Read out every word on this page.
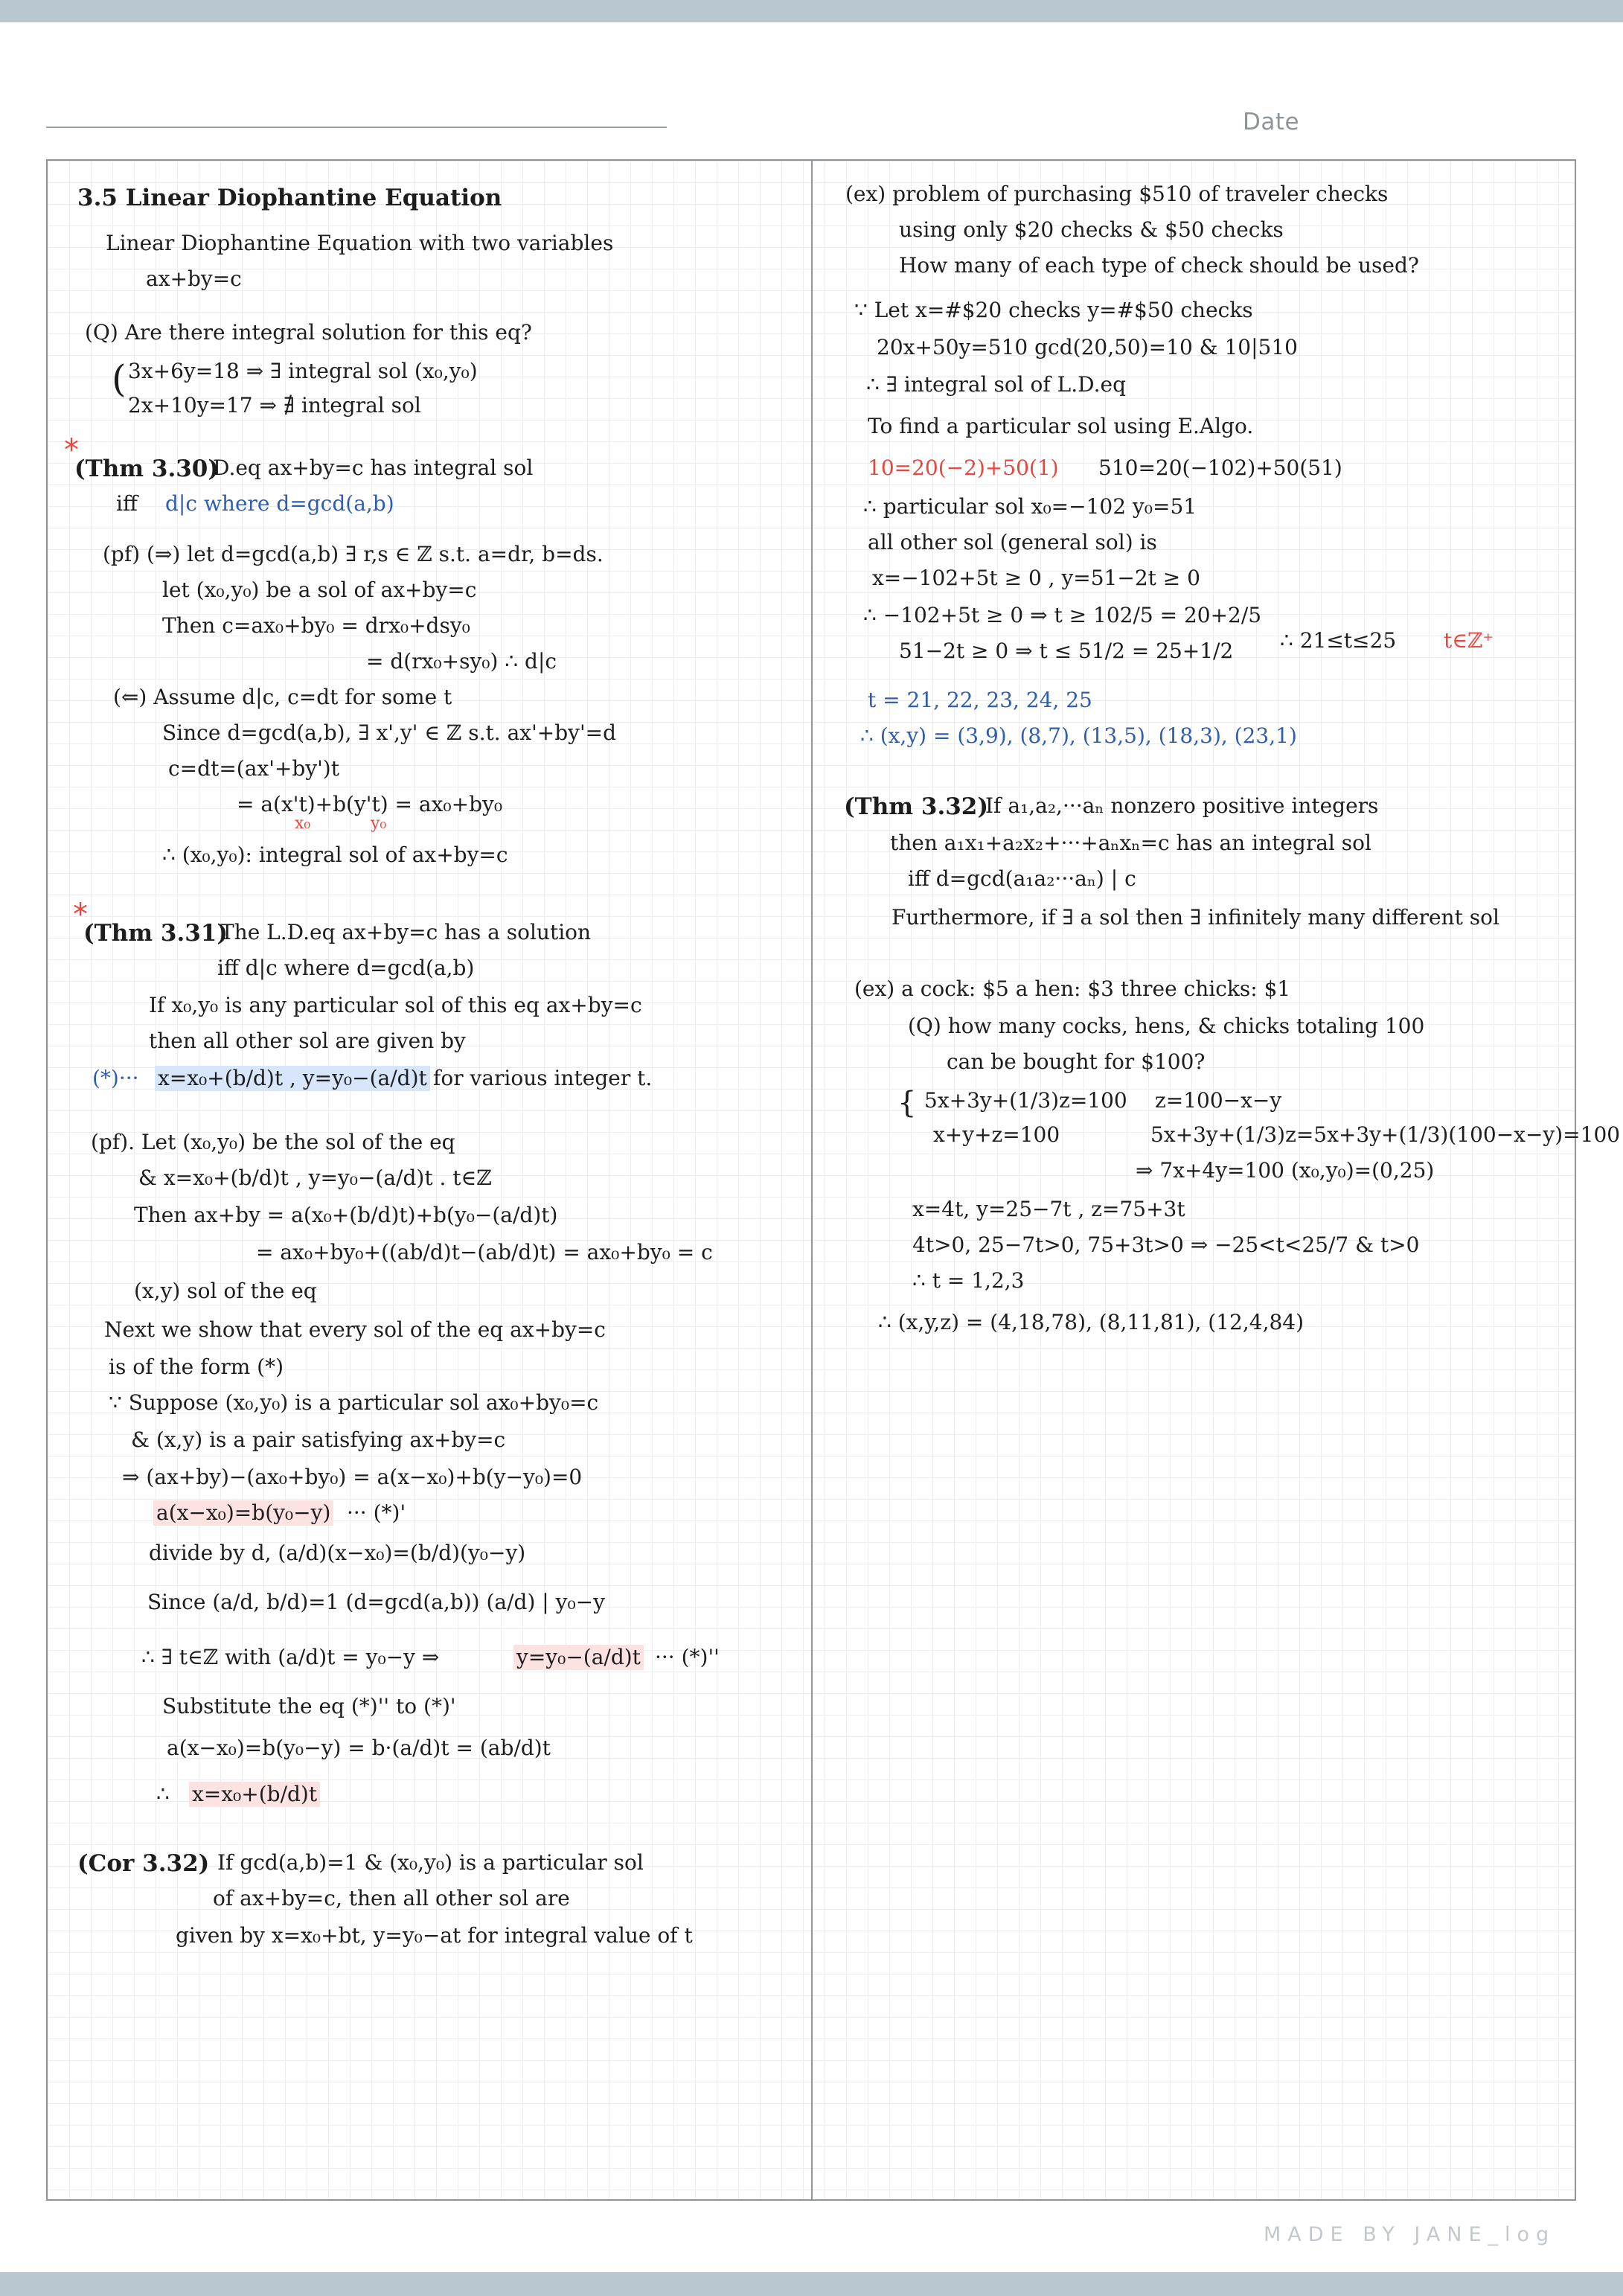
Date
3.5 Linear Diophantine Equation
Linear Diophantine Equation with two variables
ax+by=c
(Q) Are there integral solution for this eq?
( 3x+6y=18 ⇒ ∃ integral sol (x₀,y₀)
2x+10y=17 ⇒ ∄ integral sol
*
(Thm 3.30)
D.eq ax+by=c has integral sol
iff d|c where d=gcd(a,b)
(pf) (⇒) let d=gcd(a,b) ∃ r,s ∈ ℤ s.t. a=dr, b=ds.
let (x₀,y₀) be a sol of ax+by=c
Then c=ax₀+by₀ = drx₀+dsy₀
= d(rx₀+sy₀) ∴ d|c
(⇐) Assume d|c, c=dt for some t
Since d=gcd(a,b), ∃ x',y' ∈ ℤ s.t. ax'+by'=d
c=dt=(ax'+by')t
= a(x't)+b(y't) = ax₀+by₀
x₀	y₀
∴ (x₀,y₀): integral sol of ax+by=c
*
(Thm 3.31)
The L.D.eq ax+by=c has a solution
iff d|c where d=gcd(a,b)
If x₀,y₀ is any particular sol of this eq ax+by=c
then all other sol are given by
(*)··· x=x₀+(b/d)t , y=y₀−(a/d)t for various integer t.
(pf). Let (x₀,y₀) be the sol of the eq
& x=x₀+(b/d)t , y=y₀−(a/d)t . t∈ℤ
Then ax+by = a(x₀+(b/d)t)+b(y₀−(a/d)t)
= ax₀+by₀+((ab/d)t−(ab/d)t) = ax₀+by₀ = c
(x,y) sol of the eq
Next we show that every sol of the eq ax+by=c
is of the form (*)
∵ Suppose (x₀,y₀) is a particular sol ax₀+by₀=c
& (x,y) is a pair satisfying ax+by=c
⇒ (ax+by)−(ax₀+by₀) = a(x−x₀)+b(y−y₀)=0
a(x−x₀)=b(y₀−y) ··· (*)'
divide by d, (a/d)(x−x₀)=(b/d)(y₀−y)
Since (a/d, b/d)=1 (d=gcd(a,b)) (a/d) | y₀−y
∴ ∃ t∈ℤ with (a/d)t = y₀−y ⇒	y=y₀−(a/d)t ··· (*)''
Substitute the eq (*)'' to (*)'
a(x−x₀)=b(y₀−y) = b·(a/d)t = (ab/d)t
∴ x=x₀+(b/d)t
(Cor 3.32) If gcd(a,b)=1 & (x₀,y₀) is a particular sol
of ax+by=c, then all other sol are
given by x=x₀+bt, y=y₀−at for integral value of t
(ex) problem of purchasing $510 of traveler checks
using only $20 checks & $50 checks
How many of each type of check should be used?
∵ Let x=#$20 checks y=#$50 checks
20x+50y=510 gcd(20,50)=10 & 10|510
∴ ∃ integral sol of L.D.eq
To find a particular sol using E.Algo.
10=20(−2)+50(1) 510=20(−102)+50(51)
∴ particular sol x₀=−102 y₀=51
all other sol (general sol) is
x=−102+5t ≥ 0 , y=51−2t ≥ 0
∴ −102+5t ≥ 0 ⇒ t ≥ 102/5 = 20+2/5
51−2t ≥ 0 ⇒ t ≤ 51/2 = 25+1/2 ∴ 21≤t≤25 t∈ℤ⁺
t = 21, 22, 23, 24, 25
∴ (x,y) = (3,9), (8,7), (13,5), (18,3), (23,1)
(Thm 3.32)
If a₁,a₂,···aₙ nonzero positive integers
then a₁x₁+a₂x₂+···+aₙxₙ=c has an integral sol
iff d=gcd(a₁a₂···aₙ) | c
Furthermore, if ∃ a sol then ∃ infinitely many different sol
(ex) a cock: $5 a hen: $3 three chicks: $1
(Q) how many cocks, hens, & chicks totaling 100
can be bought for $100?
{ 5x+3y+(1/3)z=100
x+y+z=100
z=100−x−y
5x+3y+(1/3)z=5x+3y+(1/3)(100−x−y)=100
⇒ 7x+4y=100 (x₀,y₀)=(0,25)
x=4t, y=25−7t , z=75+3t
4t>0, 25−7t>0, 75+3t>0 ⇒ −25<t<25/7 & t>0
∴ t = 1,2,3
∴ (x,y,z) = (4,18,78), (8,11,81), (12,4,84)
MADE BY JANE_log
